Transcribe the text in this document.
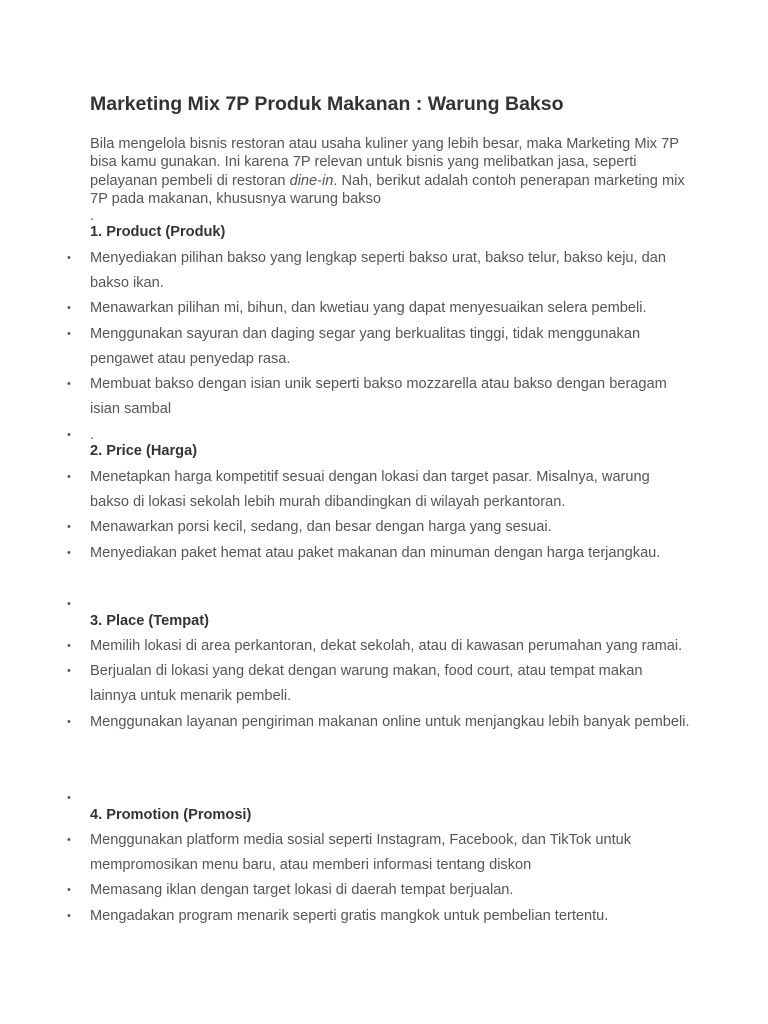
Marketing Mix 7P Produk Makanan : Warung Bakso

Bila mengelola bisnis restoran atau usaha kuliner yang lebih besar, maka Marketing Mix 7P bisa kamu gunakan. Ini karena 7P relevan untuk bisnis yang melibatkan jasa, seperti pelayanan pembeli di restoran dine-in. Nah, berikut adalah contoh penerapan marketing mix 7P pada makanan, khususnya warung bakso

.
1. Product (Produk)
• Menyediakan pilihan bakso yang lengkap seperti bakso urat, bakso telur, bakso keju, dan bakso ikan.
• Menawarkan pilihan mi, bihun, dan kwetiau yang dapat menyesuaikan selera pembeli.
• Menggunakan sayuran dan daging segar yang berkualitas tinggi, tidak menggunakan pengawet atau penyedap rasa.
• Membuat bakso dengan isian unik seperti bakso mozzarella atau bakso dengan beragam isian sambal
• .
2. Price (Harga)
• Menetapkan harga kompetitif sesuai dengan lokasi dan target pasar. Misalnya, warung bakso di lokasi sekolah lebih murah dibandingkan di wilayah perkantoran.
• Menawarkan porsi kecil, sedang, dan besar dengan harga yang sesuai.
• Menyediakan paket hemat atau paket makanan dan minuman dengan harga terjangkau.
•
3. Place (Tempat)
• Memilih lokasi di area perkantoran, dekat sekolah, atau di kawasan perumahan yang ramai.
• Berjualan di lokasi yang dekat dengan warung makan, food court, atau tempat makan lainnya untuk menarik pembeli.
• Menggunakan layanan pengiriman makanan online untuk menjangkau lebih banyak pembeli.
•
4. Promotion (Promosi)
• Menggunakan platform media sosial seperti Instagram, Facebook, dan TikTok untuk mempromosikan menu baru, atau memberi informasi tentang diskon
• Memasang iklan dengan target lokasi di daerah tempat berjualan.
• Mengadakan program menarik seperti gratis mangkok untuk pembelian tertentu.
